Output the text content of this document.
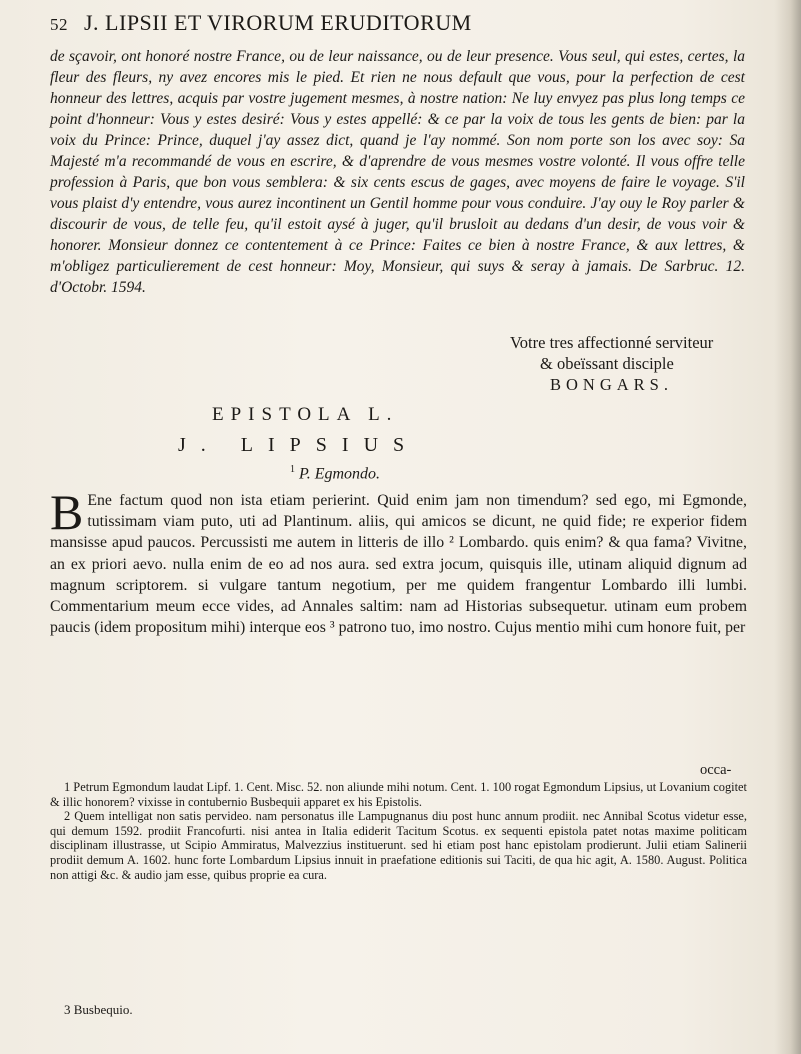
52 J. LIPSII ET VIRORUM ERUDITORUM
de sçavoir, ont honoré nostre France, ou de leur naissance, ou de leur presence. Vous seul, qui estes, certes, la fleur des fleurs, ny avez encores mis le pied. Et rien ne nous default que vous, pour la perfection de cest honneur des lettres, acquis par vostre jugement mesmes, à nostre nation: Ne luy envyez pas plus long temps ce point d'honneur: Vous y estes desiré: Vous y estes appellé: & ce par la voix de tous les gents de bien: par la voix du Prince: Prince, duquel j'ay assez dict, quand je l'ay nommé. Son nom porte son los avec soy: Sa Majesté m'a recommandé de vous en escrire, & d'aprendre de vous mesmes vostre volonté. Il vous offre telle profession à Paris, que bon vous semblera: & six cents escus de gages, avec moyens de faire le voyage. S'il vous plaist d'y entendre, vous aurez incontinent un Gentil homme pour vous conduire. J'ay ouy le Roy parler & discourir de vous, de telle feu, qu'il estoit aysé à juger, qu'il brusloit au dedans d'un desir, de vous voir & honorer. Monsieur donnez ce contentement à ce Prince: Faites ce bien à nostre France, & aux lettres, & m'obligez particulierement de cest honneur: Moy, Monsieur, qui suys & seray à jamais. De Sarbruc. 12. d'Octobr. 1594.
Votre tres affectionné serviteur
& obeïssant disciple
BONGARS.
EPISTOLA L.
J. LIPSIUS
$^1$ P. Egmondo.
B Ene factum quod non ista etiam perierint. Quid enim jam non timendum? sed ego, mi Egmonde, tutissimam viam puto, uti ad Plantinum. aliis, qui amicos se dicunt, ne quid fide; re experior fidem mansisse apud paucos. Percussisti me autem in litteris de illo ² Lombardo. quis enim? & qua fama? Vivitne, an ex priori aevo. nulla enim de eo ad nos aura. sed extra jocum, quisquis ille, utinam aliquid dignum ad magnum scriptorem. si vulgare tantum negotium, per me quidem frangentur Lombardo illi lumbi. Commentarium meum ecce vides, ad Annales saltim: nam ad Historias subsequetur. utinam eum probem paucis (idem propositum mihi) interque eos ³ patrono tuo, imo nostro. Cujus mentio mihi cum honore fuit, per
occa-

1 Petrum Egmondum laudat Lipf. 1. Cent. Misc. 52. non aliunde mihi notum. Cent. 1. 100 rogat Egmondum Lipsius, ut Lovanium cogitet & illic honorem? vixisse in contubernio Busbequii apparet ex his Epistolis.

2 Quem intelligat non satis pervideo. nam personatus ille Lampugnanus diu post hunc annum prodiit. nec Annibal Scotus videtur esse, qui demum 1592. prodiit Francofurti. nisi antea in Italia ediderit Tacitum Scotus. ex sequenti epistola patet notas maxime politicam disciplinam illustrasse, ut Scipio Ammiratus, Malvezzius instituerunt. sed hi etiam post hanc epistolam prodierunt. Julii etiam Salinerii prodiit demum A. 1602. hunc forte Lombardum Lipsius innuit in praefatione editionis sui Taciti, de qua hic agit, A. 1580. August. Politica non attigi &c. & audio jam esse, quibus proprie ea cura.

3 Busbequio.
